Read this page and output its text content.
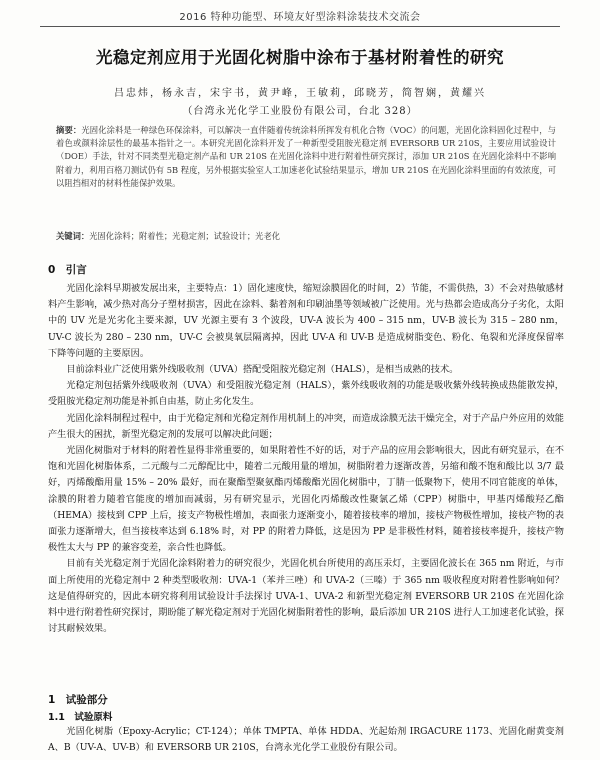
2016 特种功能型、环境友好型涂料涂装技术交流会
光稳定剂应用于光固化树脂中涂布于基材附着性的研究
吕忠炜，杨永吉，宋宇书，黄尹峰，王敏莉，邱晓芳，简智娴，黄耀兴
（台湾永光化学工业股份有限公司，台北 328）
摘要：光固化涂料是一种绿色环保涂料，可以解决一直伴随着传统涂料所挥发有机化合物（VOC）的问题，光固化涂料固化过程中，与着色或颜料涂层性的最基本指针之一。本研究光固化涂料开发了一种新型受阻胺光稳定剂 EVERSORB UR 210S，主要应用试验设计（DOE）手法，针对不同类型光稳定剂产品和 UR 210S 在光固化涂料中进行附着性研究探讨，添加 UR 210S 在光固化涂料中不影响附着力，利用百格刀测试仍有 5B 程度，另外根据实验室人工加速老化试验结果显示，增加 UR 210S 在光固化涂料里面的有效浓度，可以阻挡相对的材料性能保护效果。
关键词：光固化涂料；附着性；光稳定剂；试验设计；光老化
0　引言

光固化涂料早期被发展出来，主要特点：1）固化速度快，缩短涂膜固化的时间，2）节能，不需供热，3）不会对热敏感材料产生影响，减少热对高分子塑材损害，因此在涂料、黏着剂和印刷油墨等领域被广泛使用。光与热都会造成高分子劣化，太阳中的 UV 光是光劣化主要来源，UV 光源主要有 3 个波段，UV-A 波长为 400 – 315 nm，UV-B 波长为 315 – 280 nm，UV-C 波长为 280 – 230 nm，UV-C 会被臭氧层隔离掉，因此 UV-A 和 UV-B 是造成树脂变色、粉化、龟裂和光泽度保留率下降等问题的主要原因。

目前涂料业广泛使用紫外线吸收剂（UVA）搭配受阻胺光稳定剂（HALS），是相当成熟的技术。

光稳定剂包括紫外线吸收剂（UVA）和受阻胺光稳定剂（HALS），紫外线吸收剂的功能是吸收紫外线转换成热能散发掉，受阻胺光稳定剂功能是补抓自由基，防止劣化发生。

光固化涂料制程过程中，由于光稳定剂和光稳定剂作用机制上的冲突，而造成涂膜无法干燥完全，对于产品户外应用的效能产生很大的困扰，新型光稳定剂的发展可以解决此问题；

光固化树脂对于材料的附着性显得非常重要的，如果附着性不好的话，对于产品的应用会影响很大，因此有研究显示，在不饱和光固化树脂体系，二元酸与二元醇配比中，随着二元酸用量的增加，树脂附着力逐渐改善，另缩和酸不饱和酸比以 3/7 最好，丙烯酸酯用量 15% – 20% 最好，而在聚酯型聚氨酯丙烯酸酯光固化树脂中，丁腈一低聚物下，使用不同官能度的单体，涂膜的附着力随着官能度的增加而减弱，另有研究显示，光固化丙烯酸改性聚氯乙烯（CPP）树脂中，甲基丙烯酸羟乙酯（HEMA）接枝到 CPP 上后，接支产物极性增加，表面张力逐渐变小，随着接枝率的增加，接枝产物极性增加，接枝产物的表面张力逐渐增大，但当接枝率达到 6.18% 时，对 PP 的附着力降低，这是因为 PP 是非极性材料，随着接枝率提升，接枝产物极性太大与 PP 的兼容变差，亲合性也降低。

目前有关光稳定剂于光固化涂料附着力的研究很少，光固化机台所使用的高压汞灯，主要固化波长在 365 nm 附近，与市面上所使用的光稳定剂中 2 种类型吸收剂：UVA-1（苯并三唑）和 UVA-2（三嗪）于 365 nm 吸收程度对附着性影响如何？这是值得研究的，因此本研究将利用试验设计手法探讨 UVA-1、UVA-2 和新型光稳定剂 EVERSORB UR 210S 在光固化涂料中进行附着性研究探讨，期盼能了解光稳定剂对于光固化树脂附着性的影响，最后添加 UR 210S 进行人工加速老化试验，探讨其耐候效果。

1　试验部分
1.1　试验原料

光固化树脂（Epoxy-Acrylic；CT-124）；单体 TMPTA、单体 HDDA、光起始剂 IRGACURE 1173、光固化耐黄变剂 A、B（UV-A、UV-B）和 EVERSORB UR 210S，台湾永光化学工业股份有限公司。
